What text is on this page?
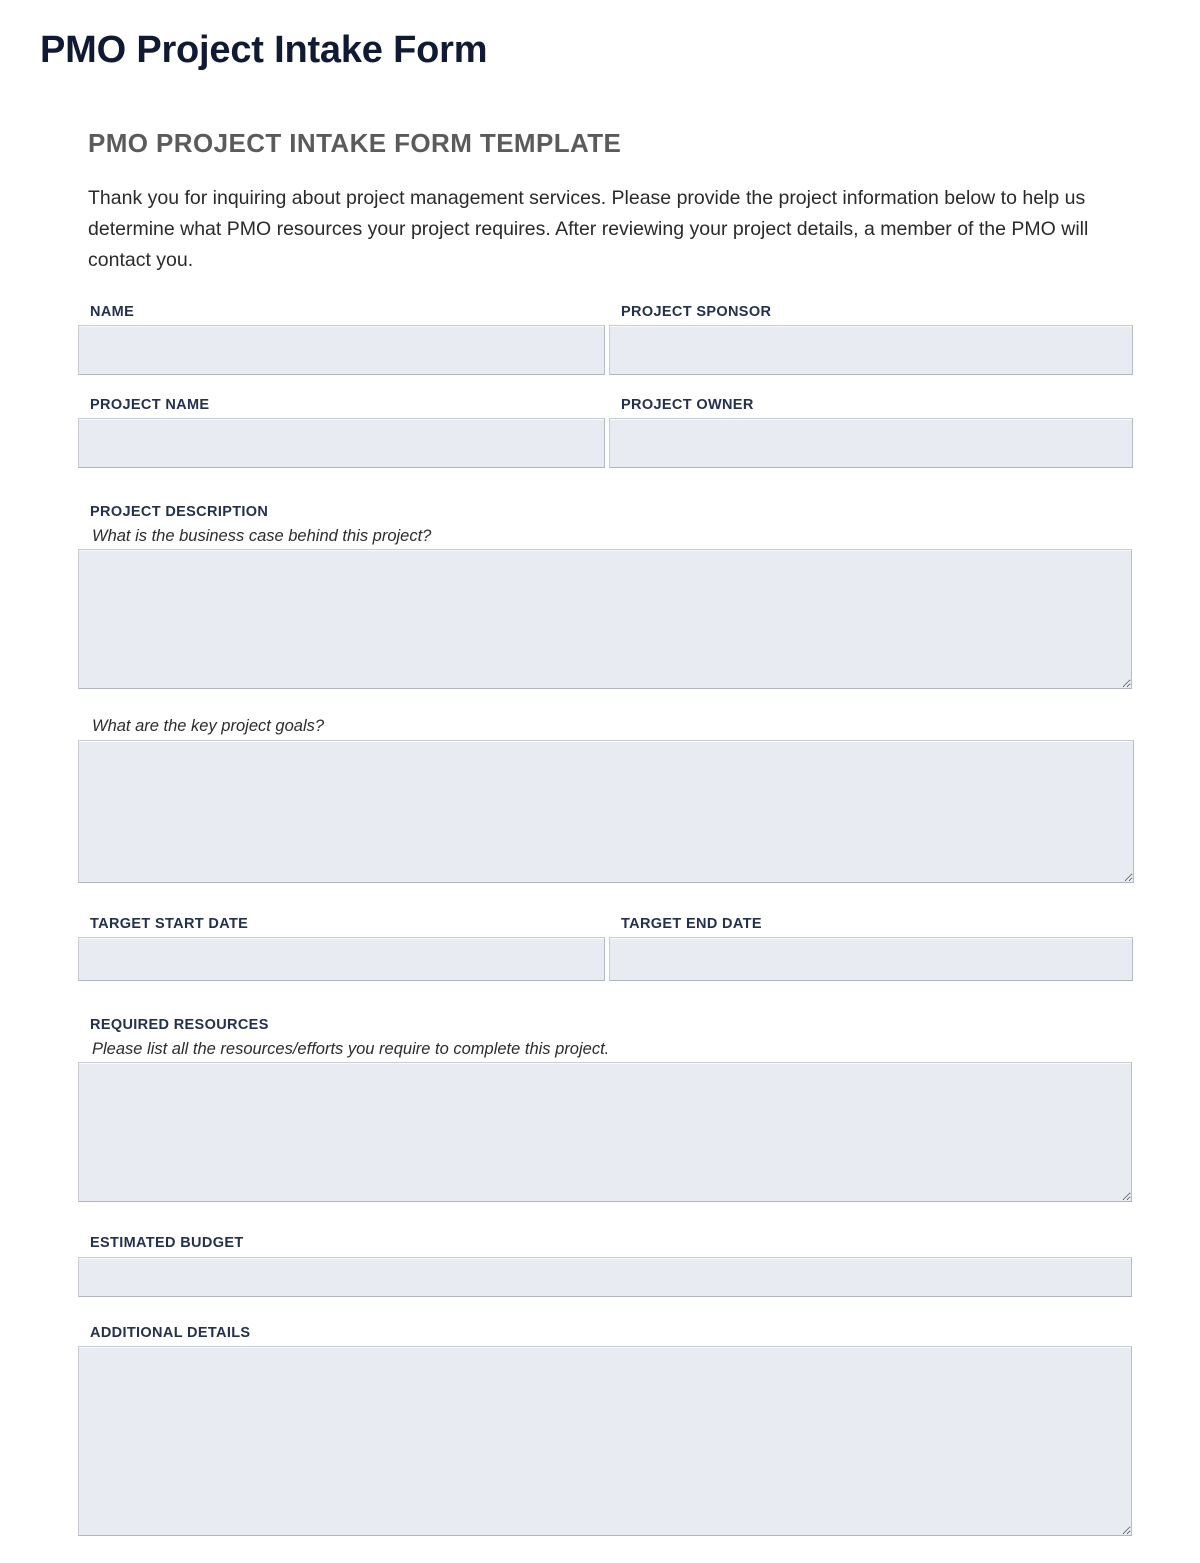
PMO Project Intake Form
PMO PROJECT INTAKE FORM TEMPLATE

Thank you for inquiring about project management services. Please provide the project information below to help us determine what PMO resources your project requires. After reviewing your project details, a member of the PMO will contact you.

NAME	PROJECT SPONSOR
PROJECT NAME	PROJECT OWNER
PROJECT DESCRIPTION
What is the business case behind this project?
What are the key project goals?
TARGET START DATE	TARGET END DATE
REQUIRED RESOURCES
Please list all the resources/efforts you require to complete this project.
ESTIMATED BUDGET
ADDITIONAL DETAILS
